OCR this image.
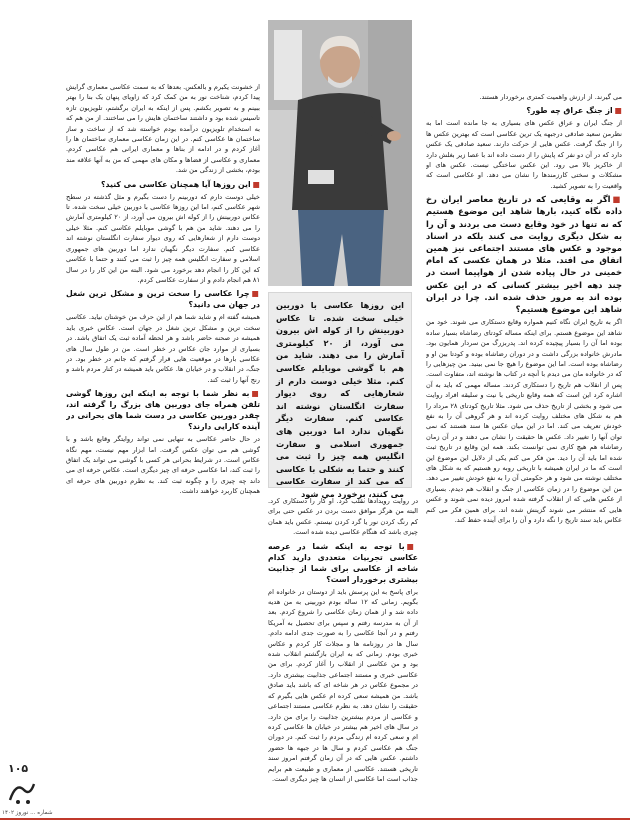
از خشونت یکبرم و بالعکس. بعدها که به سمت عکاسی معماری گرایش پیدا کردم، شناخت نور به من کمک کرد که زاویای پنهان یک بنا را بهتر ببینم و به تصویر بکشم. پس از اینکه به ایران برگشتم، تلویزیون تازه تاسیس شده بود و داشتند ساختمان هایش را می ساختند. از من هم که به استخدام تلویزیون درآمده بودم خواسته شد که از ساخت و ساز ساختمان ها عکاسی کنم. در این زمان عکاسی معماری ساختمان ها را آغاز کردم و در ادامه از بناها و معماری ایرانی هم عکاسی کردم. معماری و عکاسی از فضاها و مکان های مهمی که من به آنها علاقه مند بودم، بخشی از زندگی من شد.

■این روزها آیا همچنان عکاسی می کنید؟

خیلی دوست دارم که دوربینم را دست بگیرم و مثل گذشته در سطح شهر عکاسی کنم، اما این روزها عکاسی با دوربین خیلی سخت شده. تا عکاس دوربینش را از کوله اش بیرون می آورد، از ۲۰ کیلومتری آمارش را می دهند. شاید من هم با گوشی موبایلم عکاسی کنم. مثلا خیلی دوست دارم از شعارهایی که روی دیوار سفارت انگلستان نوشته اند عکاسی کنم. سفارت دیگر نگهبان ندارد اما دوربین های جمهوری اسلامی و سفارت انگلیس همه چیز را ثبت می کنند و حتما با عکاسی که این کار را انجام دهد برخورد می شود. البته من این کار را در سال ۸۱ هم انجام دادم و از سفارت عکاسی کردم.

■چرا عکاسی را سخت ترین و مشکل ترین شغل در جهان می دانید؟

همیشه گفته ام و شاید شما هم از این حرف من خوشتان نیاید. عکاسی سخت ترین و مشکل ترین شغل در جهان است. عکاس خبری باید همیشه در صحنه حاضر باشد و هر لحظه آماده ثبت یک اتفاق باشد. در بسیاری از موارد جان عکاس در خطر است. من در طول سال های عکاسی بارها در موقعیت هایی قرار گرفتم که جانم در خطر بود. در جنگ، در انقلاب و در خیابان ها. عکاس باید همیشه در کنار مردم باشد و رنج آنها را ثبت کند.

■به نظر شما با توجه به اینکه این روزها گوشی تلفن همراه جای دوربین های بزرگ را گرفته اند، چقدر دوربین عکاسی در دست شما های بحرانی در آینده کارایی دارند؟

در حال حاضر عکاسی به تنهایی نمی تواند روایتگر وقایع باشد و با گوشی هم می توان عکس گرفت. اما ابزار مهم نیست، مهم نگاه عکاس است. در شرایط بحرانی هر کسی با گوشی می تواند یک اتفاق را ثبت کند، اما عکاسی حرفه ای چیز دیگری است. عکاس حرفه ای می داند چه چیزی را و چگونه ثبت کند. به نظرم دوربین های حرفه ای همچنان کاربرد خواهند داشت.

این روزها عکاسی با دوربین خیلی سخت شده. تا عکاس دوربینش را از کوله اش بیرون می آورد، از ۲۰ کیلومتری آمارش را می دهند. شاید من هم با گوشی موبایلم عکاسی کنم. مثلا خیلی دوست دارم از شعارهایی که روی دیوار سفارت انگلستان نوشته اند عکاسی کنم. سفارت دیگر نگهبان ندارد اما دوربین های جمهوری اسلامی و سفارت انگلیس همه چیز را ثبت می کنند و حتما به شکلی با عکاسی که می کند از سفارت عکاسی می کنند، برخورد می شود

در روایت رویدادها نقلب کرد. او کار را دستکاری کرد. البته من هرگز موافق دست بردن در عکس حتی برای کم رنگ کردن نور یا گرد کردن نیستم. عکس باید همان چیزی باشد که هنگام عکاسی دیده شده است.

■با توجه به اینکه شما در عرصه عکاسی تجربیات متعددی دارید کدام شاخه از عکاسی برای شما از جذابیت بیشتری برخوردار است؟

برای پاسخ به این پرسش باید از دوستان در خانواده ام بگویم. زمانی که ۱۲ ساله بودم دوربینی به من هدیه داده شد و از همان زمان عکاسی را شروع کردم. بعد از آن به مدرسه رفتم و سپس برای تحصیل به آمریکا رفتم و در آنجا عکاسی را به صورت جدی ادامه دادم. سال ها در روزنامه ها و مجلات کار کردم و عکاس خبری بودم. زمانی که به ایران بازگشتم انقلاب شده بود و من عکاسی از انقلاب را آغاز کردم. برای من عکاسی خبری و مستند اجتماعی جذابیت بیشتری دارد. در مجموع عکاس در هر شاخه ای که باشد باید صادق باشد. من همیشه سعی کرده ام عکس هایی بگیرم که حقیقت را نشان دهد. به نظرم عکاسی مستند اجتماعی و عکاسی از مردم بیشترین جذابیت را برای من دارد. در سال های اخیر هم بیشتر در خیابان ها عکاسی کرده ام و سعی کرده ام زندگی مردم را ثبت کنم. در دوران جنگ هم عکاسی کردم و سال ها در جبهه ها حضور داشتم. عکس هایی که در آن زمان گرفتم امروز سند تاریخی هستند. عکاسی از معماری و طبیعت هم برایم جذاب است اما عکاسی از انسان ها چیز دیگری است.

می گیرند. از ارزش واهمیت کمتری برخوردار هستند.

■از جنگ عراق چه طور؟

از جنگ ایران و عراق عکس های بسیاری به جا مانده است اما به نظرمن سعید صادقی درجبهه یک ترین عکاسی است که بهترین عکس ها را از جنگ گرفت. عکس هایی از حرکت دارند. سعید صادقی یک عکس دارد که در آن دو نفر که پایش را از دست داده اند با عصا زیر بغلش دارد از خاکریز بالا می رود. این عکس ساختگی نیست. عکس های او مشکلات و سختی کارزمندها را نشان می دهد. او عکاسی است که واقعیت را به تصویر کشید.

■اگر به وقایعی که در تاریخ معاصر ایران رخ داده نگاه کنید، بارها شاهد این موضوع هستیم که نه تنها در خود وقایع دست می بردند و آن را به شکل دیگری روایت می کنند بلکه در اسناد موجود و عکس های مستند اجتماعی نیز همین اتفاق می افتد. مثلا در همان عکسی که امام خمینی در حال پیاده شدن از هواپیما است در چند دهه اخیر بیشتر کسانی که در این عکس بوده اند به مرور حذف شده اند. چرا در ایران شاهد این موضوع هستیم؟

اگر به تاریخ ایران نگاه کنیم همواره وقایع دستکاری می شوند. خود من شاهد این موضوع هستم. برای اینکه مساله کودتای رضاشاه بسیار ساده بوده اما آن را بسیار پیچیده کرده اند. پدربزرگ من سردار همایون بود. مادرش خانواده بزرگی داشت و در دوران رضاشاه بوده و کودتا بین او و رضاشاه بوده است. اما این موضوع را هیچ جا نمی بینید. من چیزهایی را که در خانواده مان می دیدم با آنچه در کتاب ها نوشته اند، متفاوت است. پس از انقلاب هم تاریخ را دستکاری کردند. مساله مهمی که باید به آن اشاره کرد این است که همه وقایع تاریخی با نیت و سلیقه افراد روایت می شود و بخشی از تاریخ حذف می شود. مثلا تاریخ کودتای ۲۸ مرداد را هم به شکل های مختلف روایت کرده اند و هر گروهی آن را به نفع خودش تعریف می کند. اما در این میان عکس ها سند هستند که نمی توان آنها را تغییر داد. عکس ها حقیقت را نشان می دهند و در آن زمان رضاشاه هم هیچ کاری نمی توانست بکند. همه این وقایع در تاریخ ثبت شده اما باید آن را دید. من فکر می کنم یکی از دلایل این موضوع این است که ما در ایران همیشه با تاریخی روبه رو هستیم که به شکل های مختلف نوشته می شود و هر حکومتی آن را به نفع خودش تغییر می دهد. من این موضوع را در زمان عکاسی از جنگ و انقلاب هم دیدم. بسیاری از عکس هایی که از انقلاب گرفته شده امروز دیده نمی شوند و عکس هایی که منتشر می شوند گزینش شده اند. برای همین فکر می کنم عکاس باید سند تاریخ را نگه دارد و آن را برای آینده حفظ کند.

۱۰۵
شماره ... نوروز ۱۴۰۲
